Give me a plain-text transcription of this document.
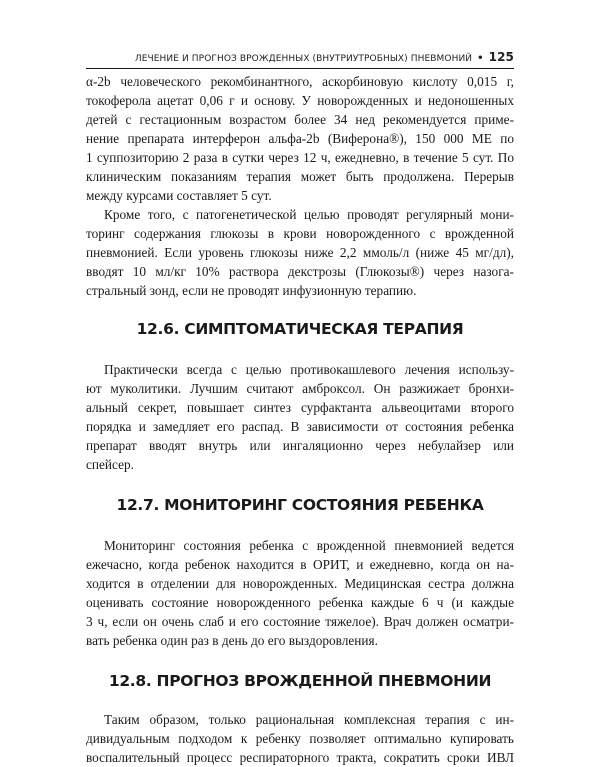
ЛЕЧЕНИЕ И ПРОГНОЗ ВРОЖДЕННЫХ (ВНУТРИУТРОБНЫХ) ПНЕВМОНИЙ • 125
α-2b человеческого рекомбинантного, аскорбиновую кислоту 0,015 г,
токоферола ацетат 0,06 г и основу. У новорожденных и недоношенных
детей с гестационным возрастом более 34 нед рекомендуется приме-
нение препарата интерферон альфа-2b (Виферона®), 150 000 МЕ по
1 суппозиторию 2 раза в сутки через 12 ч, ежедневно, в течение 5 сут. По
клиническим показаниям терапия может быть продолжена. Перерыв
между курсами составляет 5 сут.
Кроме того, с патогенетической целью проводят регулярный мони-
торинг содержания глюкозы в крови новорожденного с врожденной
пневмонией. Если уровень глюкозы ниже 2,2 ммоль/л (ниже 45 мг/дл),
вводят 10 мл/кг 10% раствора декстрозы (Глюкозы®) через назога-
стральный зонд, если не проводят инфузионную терапию.
12.6. СИМПТОМАТИЧЕСКАЯ ТЕРАПИЯ
Практически всегда с целью противокашлевого лечения использу-
ют муколитики. Лучшим считают амброксол. Он разжижает бронхи-
альный секрет, повышает синтез сурфактанта альвеоцитами второго
порядка и замедляет его распад. В зависимости от состояния ребенка
препарат вводят внутрь или ингаляционно через небулайзер или
спейсер.
12.7. МОНИТОРИНГ СОСТОЯНИЯ РЕБЕНКА
Мониторинг состояния ребенка с врожденной пневмонией ведется
ежечасно, когда ребенок находится в ОРИТ, и ежедневно, когда он на-
ходится в отделении для новорожденных. Медицинская сестра должна
оценивать состояние новорожденного ребенка каждые 6 ч (и каждые
3 ч, если он очень слаб и его состояние тяжелое). Врач должен осматри-
вать ребенка один раз в день до его выздоровления.
12.8. ПРОГНОЗ ВРОЖДЕННОЙ ПНЕВМОНИИ
Таким образом, только рациональная комплексная терапия с ин-
дивидуальным подходом к ребенку позволяет оптимально купировать
воспалительный процесс респираторного тракта, сократить сроки ИВЛ
